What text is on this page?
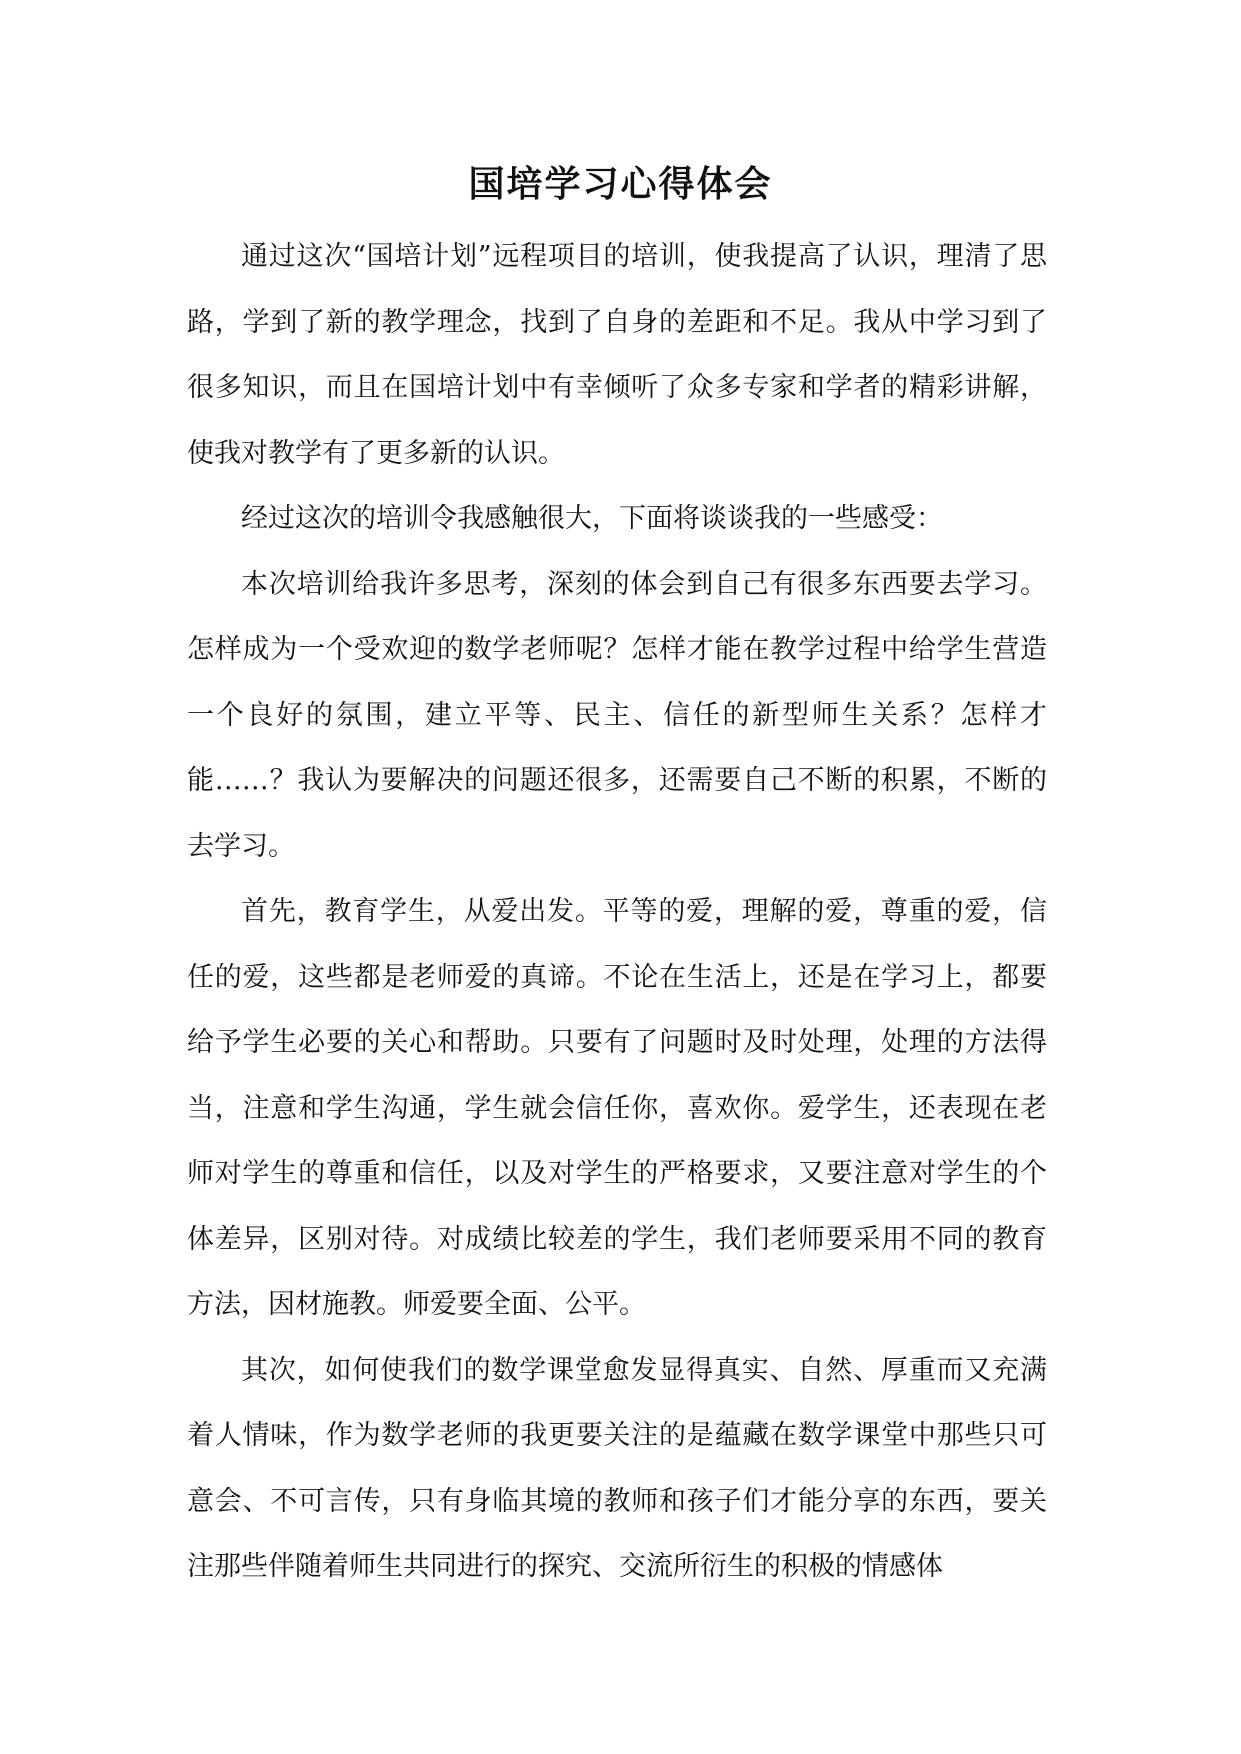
国培学习心得体会

通过这次“国培计划”远程项目的培训，使我提高了认识，理清了思路，学到了新的教学理念，找到了自身的差距和不足。我从中学习到了很多知识，而且在国培计划中有幸倾听了众多专家和学者的精彩讲解，使我对教学有了更多新的认识。

经过这次的培训令我感触很大，下面将谈谈我的一些感受：

本次培训给我许多思考，深刻的体会到自己有很多东西要去学习。怎样成为一个受欢迎的数学老师呢？怎样才能在教学过程中给学生营造一个良好的氛围，建立平等、民主、信任的新型师生关系？怎样才能……？我认为要解决的问题还很多，还需要自己不断的积累，不断的去学习。

首先，教育学生，从爱出发。平等的爱，理解的爱，尊重的爱，信任的爱，这些都是老师爱的真谛。不论在生活上，还是在学习上，都要给予学生必要的关心和帮助。只要有了问题时及时处理，处理的方法得当，注意和学生沟通，学生就会信任你，喜欢你。爱学生，还表现在老师对学生的尊重和信任，以及对学生的严格要求，又要注意对学生的个体差异，区别对待。对成绩比较差的学生，我们老师要采用不同的教育方法，因材施教。师爱要全面、公平。

其次，如何使我们的数学课堂愈发显得真实、自然、厚重而又充满着人情味，作为数学老师的我更要关注的是蕴藏在数学课堂中那些只可意会、不可言传，只有身临其境的教师和孩子们才能分享的东西，要关注那些伴随着师生共同进行的探究、交流所衍生的积极的情感体
